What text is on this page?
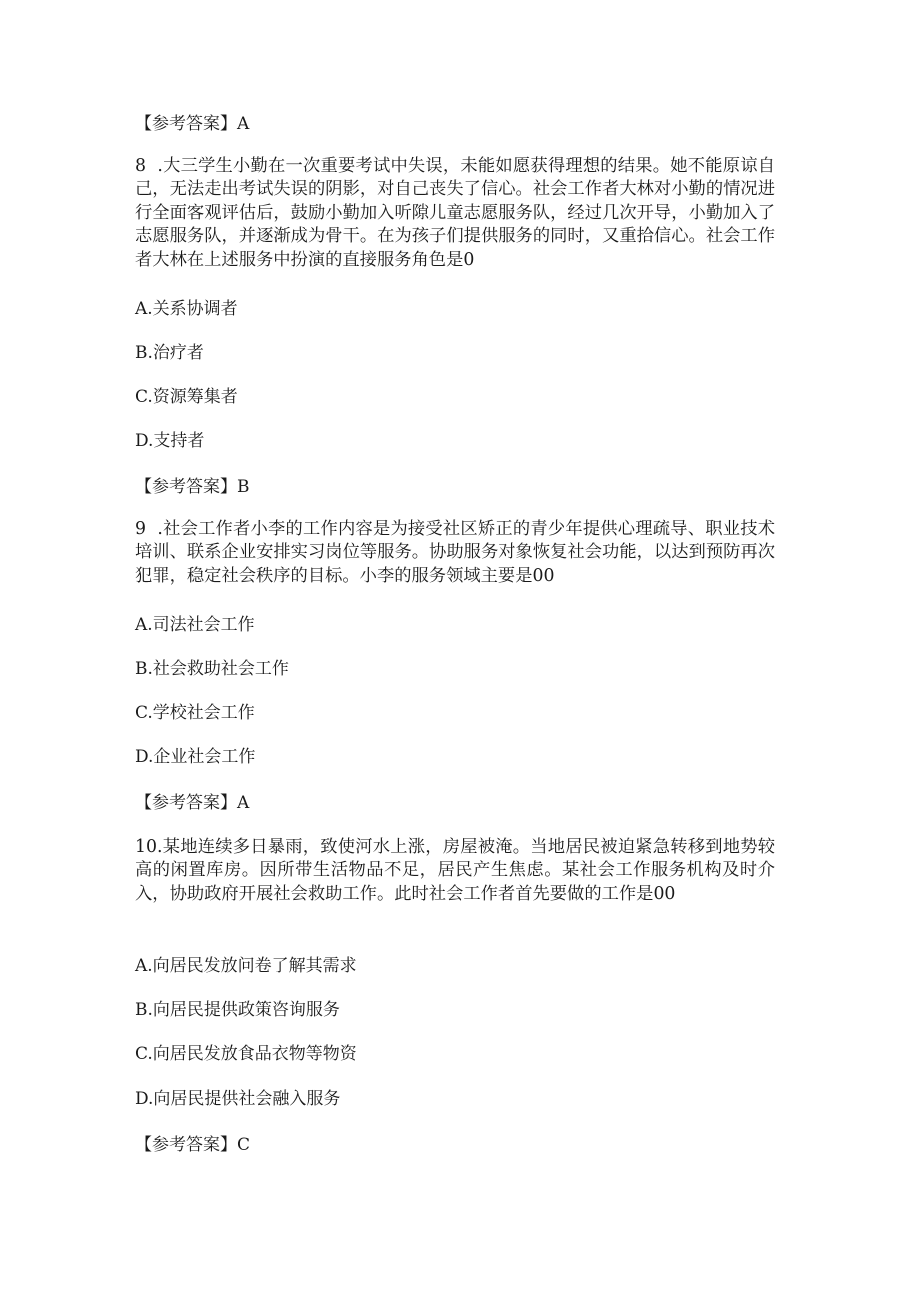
【参考答案】A
8  .大三学生小勤在一次重要考试中失误，未能如愿获得理想的结果。她不能原谅自己，无法走出考试失误的阴影，对自己丧失了信心。社会工作者大林对小勤的情况进行全面客观评估后，鼓励小勤加入听隙儿童志愿服务队，经过几次开导，小勤加入了志愿服务队，并逐渐成为骨干。在为孩子们提供服务的同时，又重拾信心。社会工作者大林在上述服务中扮演的直接服务角色是0
A.关系协调者
B.治疗者
C.资源筹集者
D.支持者
【参考答案】B
9  .社会工作者小李的工作内容是为接受社区矫正的青少年提供心理疏导、职业技术培训、联系企业安排实习岗位等服务。协助服务对象恢复社会功能，以达到预防再次犯罪，稳定社会秩序的目标。小李的服务领域主要是00
A.司法社会工作
B.社会救助社会工作
C.学校社会工作
D.企业社会工作
【参考答案】A
10.某地连续多日暴雨，致使河水上涨，房屋被淹。当地居民被迫紧急转移到地势较高的闲置库房。因所带生活物品不足，居民产生焦虑。某社会工作服务机构及时介入，协助政府开展社会救助工作。此时社会工作者首先要做的工作是00
A.向居民发放问卷了解其需求
B.向居民提供政策咨询服务
C.向居民发放食品衣物等物资
D.向居民提供社会融入服务
【参考答案】C
